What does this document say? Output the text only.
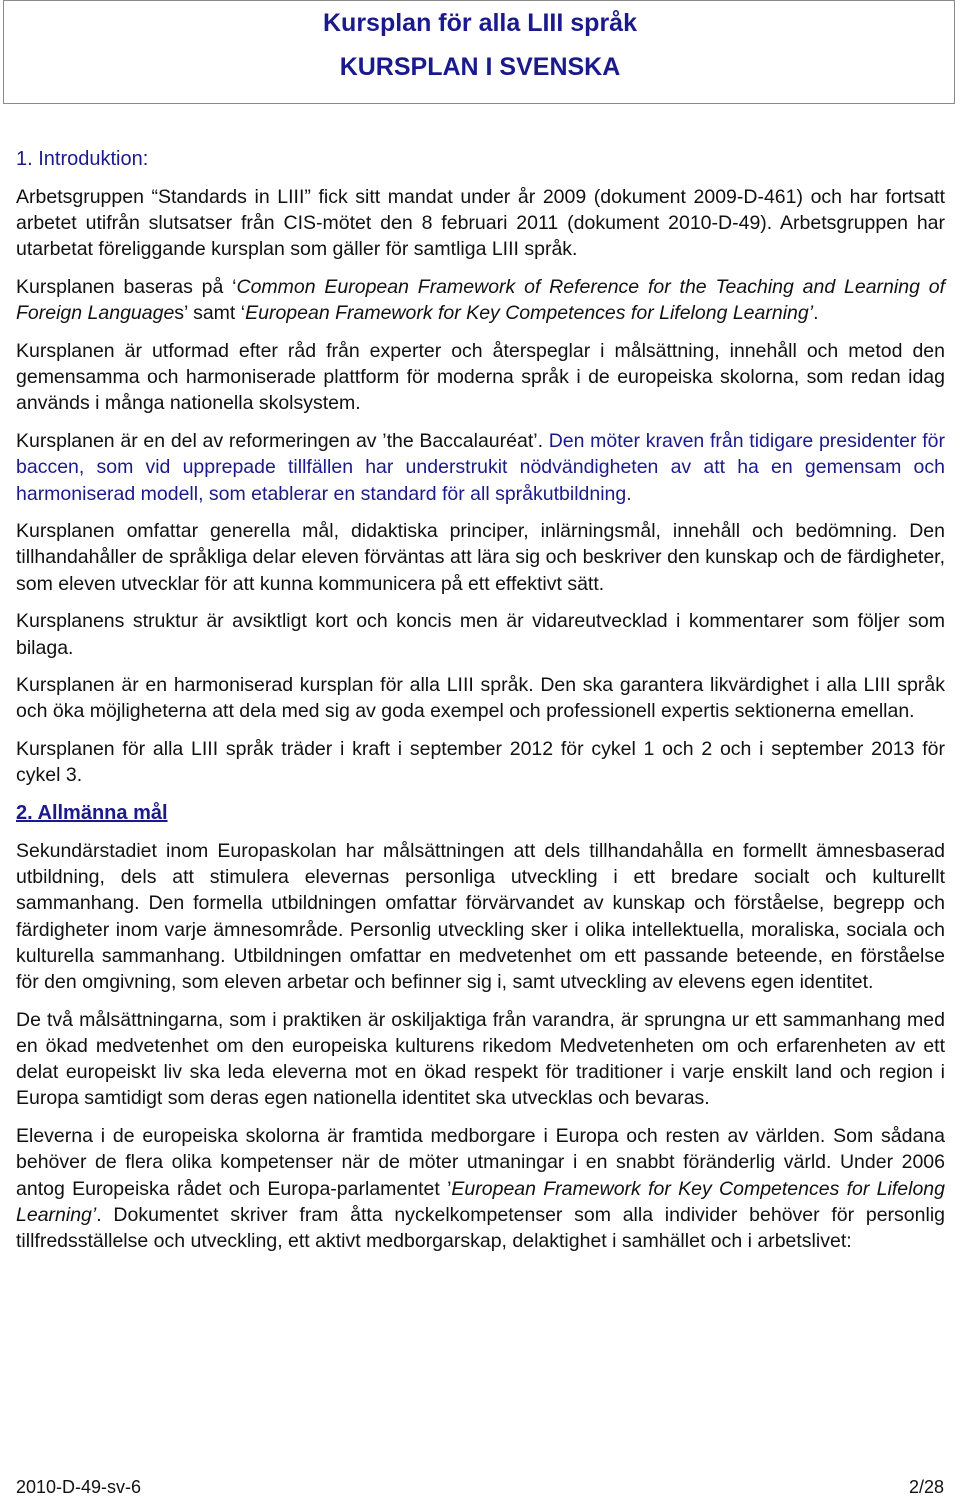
Kursplan för alla LIII språk
KURSPLAN I SVENSKA
1. Introduktion:

Arbetsgruppen “Standards in LIII” fick sitt mandat under år 2009 (dokument 2009-D-461) och har fortsatt arbetet utifrån slutsatser från CIS-mötet den 8 februari 2011 (dokument 2010-D-49). Arbetsgruppen har utarbetat föreliggande kursplan som gäller för samtliga LIII språk.

Kursplanen baseras på ‘Common European Framework of Reference for the Teaching and Learning of Foreign Languages’ samt ‘European Framework for Key Competences for Lifelong Learning’.

Kursplanen är utformad efter råd från experter och återspeglar i målsättning, innehåll och metod den gemensamma och harmoniserade plattform för moderna språk i de europeiska skolorna, som redan idag används i många nationella skolsystem.

Kursplanen är en del av reformeringen av ’the Baccalauréat’. Den möter kraven från tidigare presidenter för baccen, som vid upprepade tillfällen har understrukit nödvändigheten av att ha en gemensam och harmoniserad modell, som etablerar en standard för all språkutbildning.

Kursplanen omfattar generella mål, didaktiska principer, inlärningsmål, innehåll och bedömning. Den tillhandahåller de språkliga delar eleven förväntas att lära sig och beskriver den kunskap och de färdigheter, som eleven utvecklar för att kunna kommunicera på ett effektivt sätt.

Kursplanens struktur är avsiktligt kort och koncis men är vidareutvecklad i kommentarer som följer som bilaga.

Kursplanen är en harmoniserad kursplan för alla LIII språk. Den ska garantera likvärdighet i alla LIII språk och öka möjligheterna att dela med sig av goda exempel och professionell expertis sektionerna emellan.

Kursplanen för alla LIII språk träder i kraft i september 2012 för cykel 1 och 2 och i september 2013 för cykel 3.

2. Allmänna mål

Sekundärstadiet inom Europaskolan har målsättningen att dels tillhandahålla en formellt ämnesbaserad utbildning, dels att stimulera elevernas personliga utveckling i ett bredare socialt och kulturellt sammanhang. Den formella utbildningen omfattar förvärvandet av kunskap och förståelse, begrepp och färdigheter inom varje ämnesområde. Personlig utveckling sker i olika intellektuella, moraliska, sociala och kulturella sammanhang. Utbildningen omfattar en medvetenhet om ett passande beteende, en förståelse för den omgivning, som eleven arbetar och befinner sig i, samt utveckling av elevens egen identitet.

De två målsättningarna, som i praktiken är oskiljaktiga från varandra, är sprungna ur ett sammanhang med en ökad medvetenhet om den europeiska kulturens rikedom Medvetenheten om och erfarenheten av ett delat europeiskt liv ska leda eleverna mot en ökad respekt för traditioner i varje enskilt land och region i Europa samtidigt som deras egen nationella identitet ska utvecklas och bevaras.

Eleverna i de europeiska skolorna är framtida medborgare i Europa och resten av världen. Som sådana behöver de flera olika kompetenser när de möter utmaningar i en snabbt föränderlig värld. Under 2006 antog Europeiska rådet och Europa-parlamentet ’European Framework for Key Competences for Lifelong Learning’. Dokumentet skriver fram åtta nyckelkompetenser som alla individer behöver för personlig tillfredsställelse och utveckling, ett aktivt medborgarskap, delaktighet i samhället och i arbetslivet:

2010-D-49-sv-6	2/28
